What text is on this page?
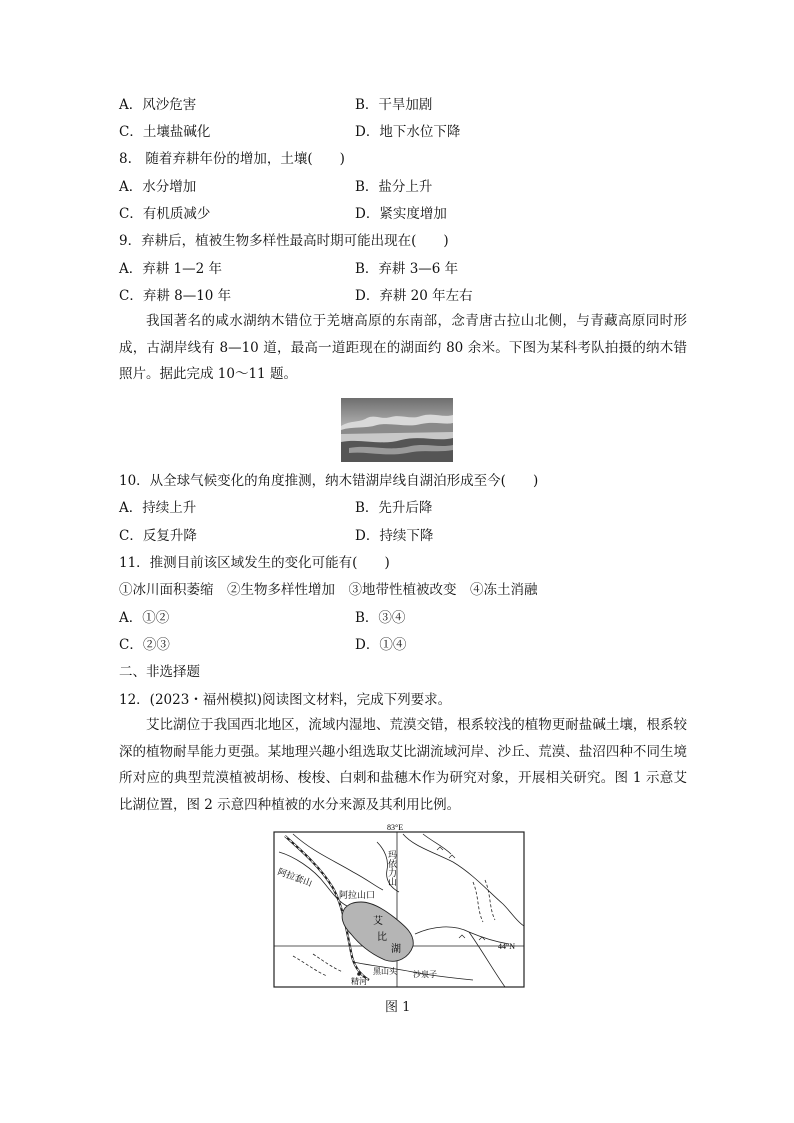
A．风沙危害	B．干旱加剧
C．土壤盐碱化	D．地下水位下降
8.　随着弃耕年份的增加，土壤(　　)
A．水分增加	B．盐分上升
C．有机质减少	D．紧实度增加
9．弃耕后，植被生物多样性最高时期可能出现在(　　)
A．弃耕 1—2 年	B．弃耕 3—6 年
C．弃耕 8—10 年	D．弃耕 20 年左右

我国著名的咸水湖纳木错位于羌塘高原的东南部，念青唐古拉山北侧，与青藏高原同时形成，古湖岸线有 8—10 道，最高一道距现在的湖面约 80 余米。下图为某科考队拍摄的纳木错照片。据此完成 10～11 题。

10．从全球气候变化的角度推测，纳木错湖岸线自湖泊形成至今(　　)
A．持续上升	B．先升后降
C．反复升降	D．持续下降
11．推测目前该区域发生的变化可能有(　　)
①冰川面积萎缩　②生物多样性增加　③地带性植被改变　④冻土消融
A．①②	B．③④
C．②③	D．①④
二、非选择题
12．(2023・福州模拟)阅读图文材料，完成下列要求。

艾比湖位于我国西北地区，流域内湿地、荒漠交错，根系较浅的植物更耐盐碱土壤，根系较深的植物耐旱能力更强。某地理兴趣小组选取艾比湖流域河岸、沙丘、荒漠、盐沼四种不同生境所对应的典型荒漠植被胡杨、梭梭、白刺和盐穗木作为研究对象，开展相关研究。图 1 示意艾比湖位置，图 2 示意四种植被的水分来源及其利用比例。

83°E
44°N
艾
比
湖
阿拉套山	玛依力山
阿拉山口
精河
黑山头 沙泉子
图 1
